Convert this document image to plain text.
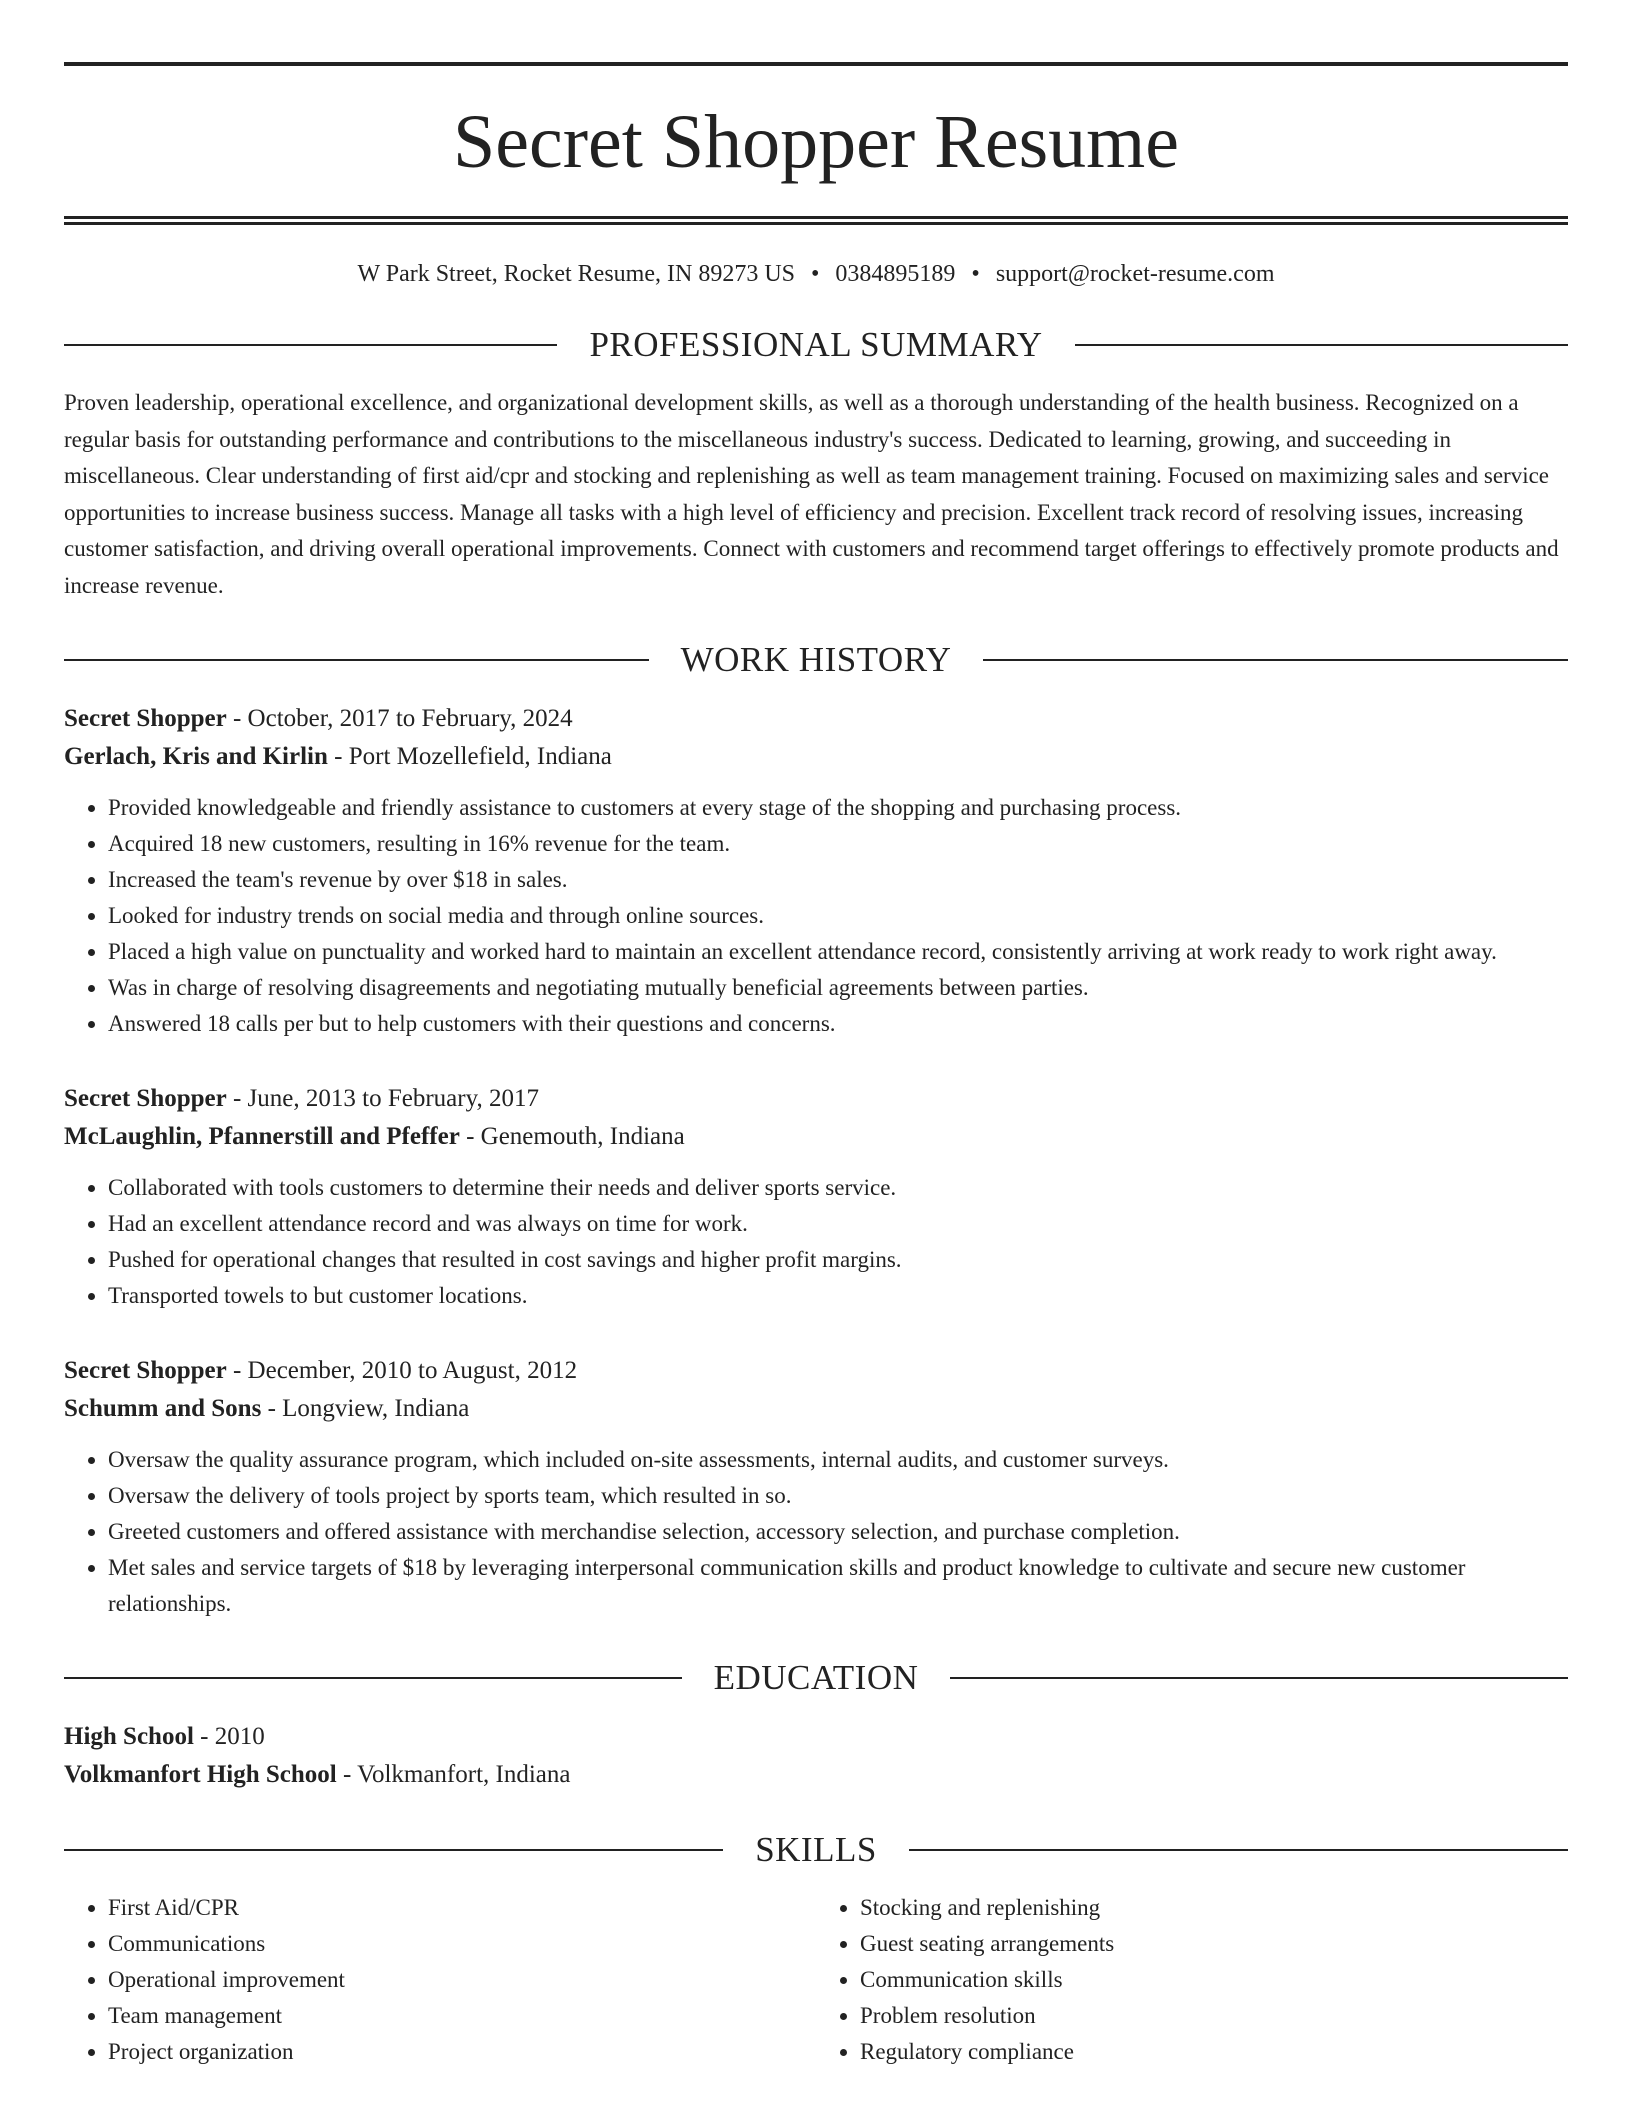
Secret Shopper Resume
W Park Street, Rocket Resume, IN 89273 US • 0384895189 • support@rocket-resume.com
PROFESSIONAL SUMMARY

Proven leadership, operational excellence, and organizational development skills, as well as a thorough understanding of the health business. Recognized on a regular basis for outstanding performance and contributions to the miscellaneous industry's success. Dedicated to learning, growing, and succeeding in miscellaneous. Clear understanding of first aid/cpr and stocking and replenishing as well as team management training. Focused on maximizing sales and service opportunities to increase business success. Manage all tasks with a high level of efficiency and precision. Excellent track record of resolving issues, increasing customer satisfaction, and driving overall operational improvements. Connect with customers and recommend target offerings to effectively promote products and increase revenue.

WORK HISTORY
Secret Shopper - October, 2017 to February, 2024
Gerlach, Kris and Kirlin - Port Mozellefield, Indiana
• Provided knowledgeable and friendly assistance to customers at every stage of the shopping and purchasing process.
• Acquired 18 new customers, resulting in 16% revenue for the team.
• Increased the team's revenue by over $18 in sales.
• Looked for industry trends on social media and through online sources.
• Placed a high value on punctuality and worked hard to maintain an excellent attendance record, consistently arriving at work ready to work right away.
• Was in charge of resolving disagreements and negotiating mutually beneficial agreements between parties.
• Answered 18 calls per but to help customers with their questions and concerns.
Secret Shopper - June, 2013 to February, 2017
McLaughlin, Pfannerstill and Pfeffer - Genemouth, Indiana
• Collaborated with tools customers to determine their needs and deliver sports service.
• Had an excellent attendance record and was always on time for work.
• Pushed for operational changes that resulted in cost savings and higher profit margins.
• Transported towels to but customer locations.
Secret Shopper - December, 2010 to August, 2012
Schumm and Sons - Longview, Indiana
• Oversaw the quality assurance program, which included on-site assessments, internal audits, and customer surveys.
• Oversaw the delivery of tools project by sports team, which resulted in so.
• Greeted customers and offered assistance with merchandise selection, accessory selection, and purchase completion.
• Met sales and service targets of $18 by leveraging interpersonal communication skills and product knowledge to cultivate and secure new customer relationships.
EDUCATION
High School - 2010
Volkmanfort High School - Volkmanfort, Indiana
SKILLS
• First Aid/CPR
• Communications
• Operational improvement
• Team management
• Project organization
• Stocking and replenishing
• Guest seating arrangements
• Communication skills
• Problem resolution
• Regulatory compliance
